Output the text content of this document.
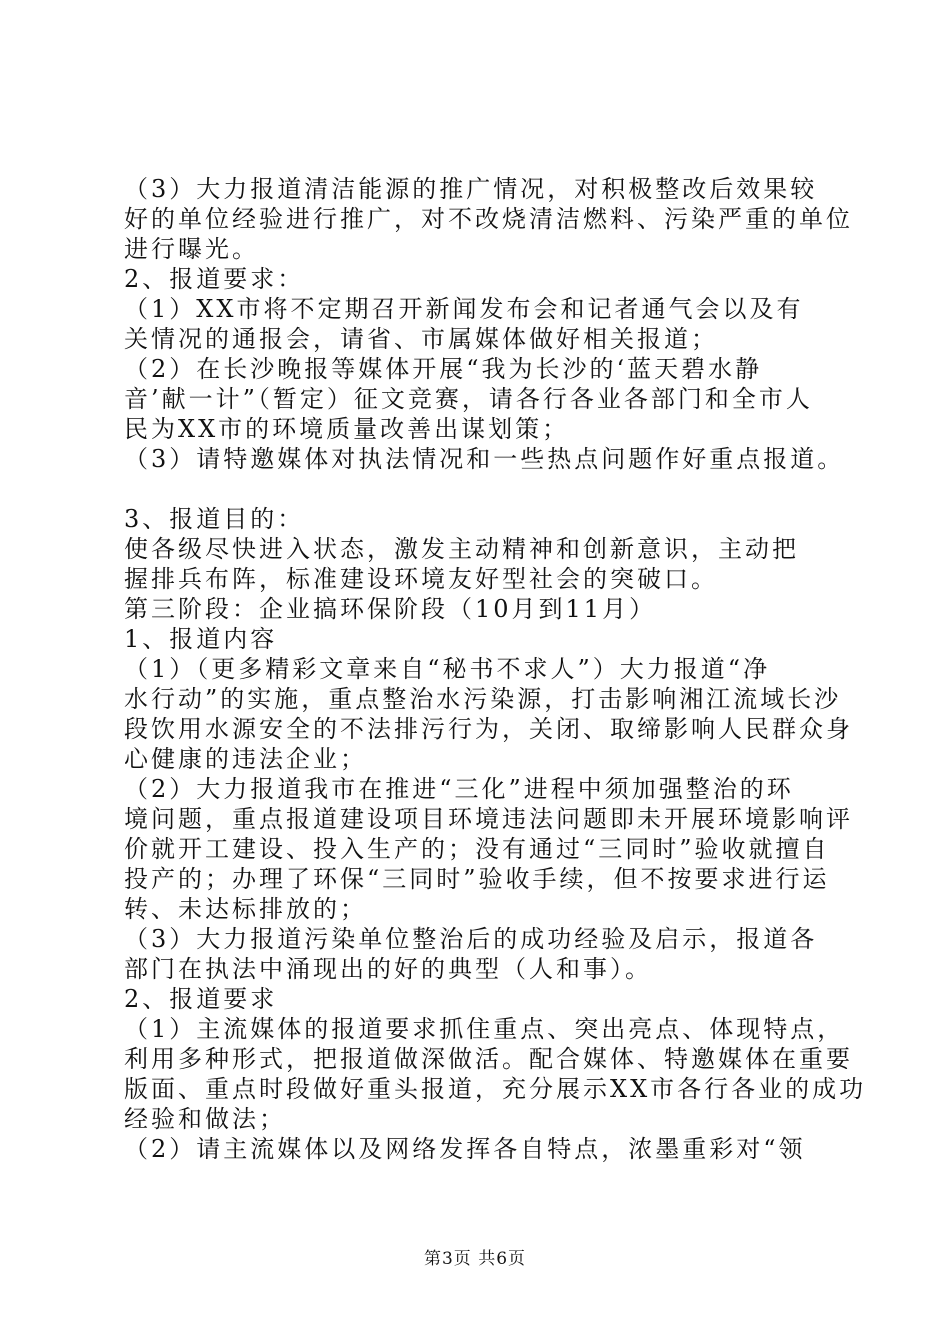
（3）大力报道清洁能源的推广情况，对积极整改后效果较

好的单位经验进行推广，对不改烧清洁燃料、污染严重的单位

进行曝光。

2、报道要求：

（1）XX市将不定期召开新闻发布会和记者通气会以及有

关情况的通报会，请省、市属媒体做好相关报道；

（2）在长沙晚报等媒体开展“我为长沙的‘蓝天碧水静

音’献一计”（暂定）征文竞赛，请各行各业各部门和全市人

民为XX市的环境质量改善出谋划策；

（3）请特邀媒体对执法情况和一些热点问题作好重点报道。

3、报道目的：

使各级尽快进入状态，激发主动精神和创新意识，主动把

握排兵布阵，标准建设环境友好型社会的突破口。

第三阶段：企业搞环保阶段（10月到11月）

1、报道内容

（1）（更多精彩文章来自“秘书不求人”）大力报道“净

水行动”的实施，重点整治水污染源，打击影响湘江流域长沙

段饮用水源安全的不法排污行为，关闭、取缔影响人民群众身

心健康的违法企业；

（2）大力报道我市在推进“三化”进程中须加强整治的环

境问题，重点报道建设项目环境违法问题即未开展环境影响评

价就开工建设、投入生产的；没有通过“三同时”验收就擅自

投产的；办理了环保“三同时”验收手续，但不按要求进行运

转、未达标排放的；

（3）大力报道污染单位整治后的成功经验及启示，报道各

部门在执法中涌现出的好的典型（人和事）。

2、报道要求

（1）主流媒体的报道要求抓住重点、突出亮点、体现特点，

利用多种形式，把报道做深做活。配合媒体、特邀媒体在重要

版面、重点时段做好重头报道，充分展示XX市各行各业的成功

经验和做法；

（2）请主流媒体以及网络发挥各自特点，浓墨重彩对“领

第3页 共6页
